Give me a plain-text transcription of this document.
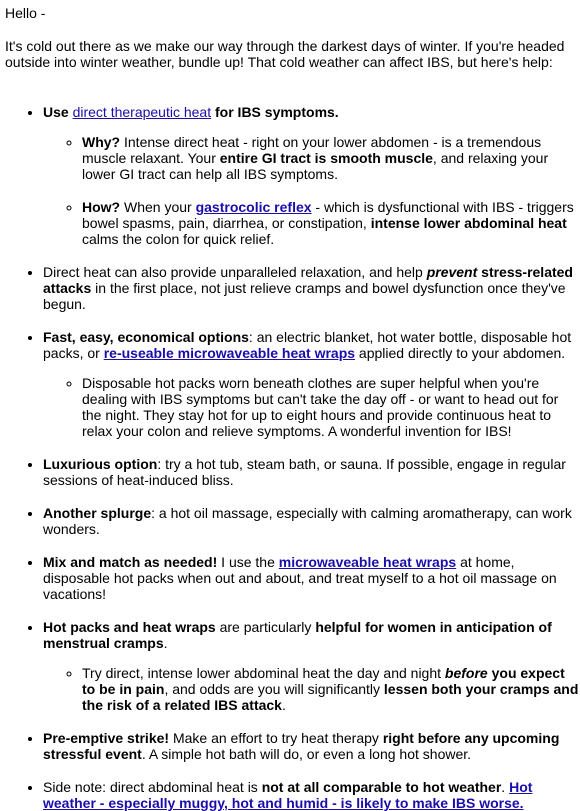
Hello -

It's cold out there as we make our way through the darkest days of winter. If you're headed outside into winter weather, bundle up! That cold weather can affect IBS, but here's help:

• Use direct therapeutic heat for IBS symptoms.
◦ Why? Intense direct heat - right on your lower abdomen - is a tremendous muscle relaxant. Your entire GI tract is smooth muscle, and relaxing your lower GI tract can help all IBS symptoms.
◦ How? When your gastrocolic reflex - which is dysfunctional with IBS - triggers bowel spasms, pain, diarrhea, or constipation, intense lower abdominal heat calms the colon for quick relief.
• Direct heat can also provide unparalleled relaxation, and help prevent stress-related attacks in the first place, not just relieve cramps and bowel dysfunction once they've begun.
• Fast, easy, economical options: an electric blanket, hot water bottle, disposable hot packs, or re-useable microwaveable heat wraps applied directly to your abdomen.
◦ Disposable hot packs worn beneath clothes are super helpful when you're dealing with IBS symptoms but can't take the day off - or want to head out for the night. They stay hot for up to eight hours and provide continuous heat to relax your colon and relieve symptoms. A wonderful invention for IBS!
• Luxurious option: try a hot tub, steam bath, or sauna. If possible, engage in regular sessions of heat-induced bliss.
• Another splurge: a hot oil massage, especially with calming aromatherapy, can work wonders.
• Mix and match as needed! I use the microwaveable heat wraps at home, disposable hot packs when out and about, and treat myself to a hot oil massage on vacations!
• Hot packs and heat wraps are particularly helpful for women in anticipation of menstrual cramps.
◦ Try direct, intense lower abdominal heat the day and night before you expect to be in pain, and odds are you will significantly lessen both your cramps and the risk of a related IBS attack.
• Pre-emptive strike! Make an effort to try heat therapy right before any upcoming stressful event. A simple hot bath will do, or even a long hot shower.
• Side note: direct abdominal heat is not at all comparable to hot weather. Hot weather - especially muggy, hot and humid - is likely to make IBS worse.
